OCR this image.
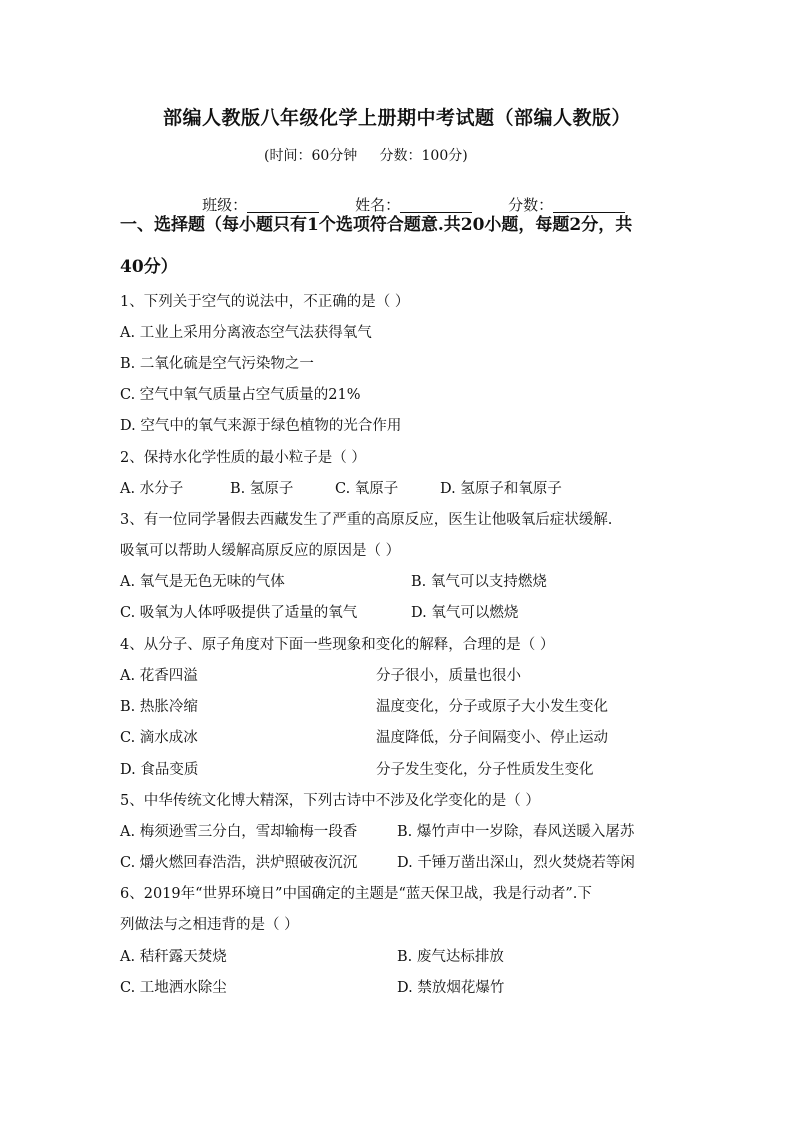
部编人教版八年级化学上册期中考试题（部编人教版）
(时间：60分钟     分数：100分)

班级：
	姓名：
	分数：

一、选择题（每小题只有1个选项符合题意.共20小题，每题2分，共
40分）
1、下列关于空气的说法中，不正确的是（ ）
A. 工业上采用分离液态空气法获得氧气
B. 二氧化硫是空气污染物之一
C. 空气中氧气质量占空气质量的21%
D. 空气中的氧气来源于绿色植物的光合作用
2、保持水化学性质的最小粒子是（ ）
A. 水分子	B. 氢原子	C. 氧原子	D. 氢原子和氧原子
3、有一位同学暑假去西藏发生了严重的高原反应，医生让他吸氧后症状缓解.
吸氧可以帮助人缓解高原反应的原因是（ ）
A. 氧气是无色无味的气体	B. 氧气可以支持燃烧
C. 吸氧为人体呼吸提供了适量的氧气	D. 氧气可以燃烧
4、从分子、原子角度对下面一些现象和变化的解释，合理的是（ ）
A. 花香四溢	分子很小，质量也很小
B. 热胀冷缩	温度变化，分子或原子大小发生变化
C. 滴水成冰	温度降低，分子间隔变小、停止运动
D. 食品变质	分子发生变化，分子性质发生变化
5、中华传统文化博大精深，下列古诗中不涉及化学变化的是（ ）
A. 梅须逊雪三分白，雪却输梅一段香	B. 爆竹声中一岁除，春风送暖入屠苏
C. 爝火燃回春浩浩，洪炉照破夜沉沉	D. 千锤万凿出深山，烈火焚烧若等闲
6、2019年“世界环境日”中国确定的主题是“蓝天保卫战，我是行动者”.下
列做法与之相违背的是（ ）
A. 秸秆露天焚烧	B. 废气达标排放
C. 工地洒水除尘	D. 禁放烟花爆竹
